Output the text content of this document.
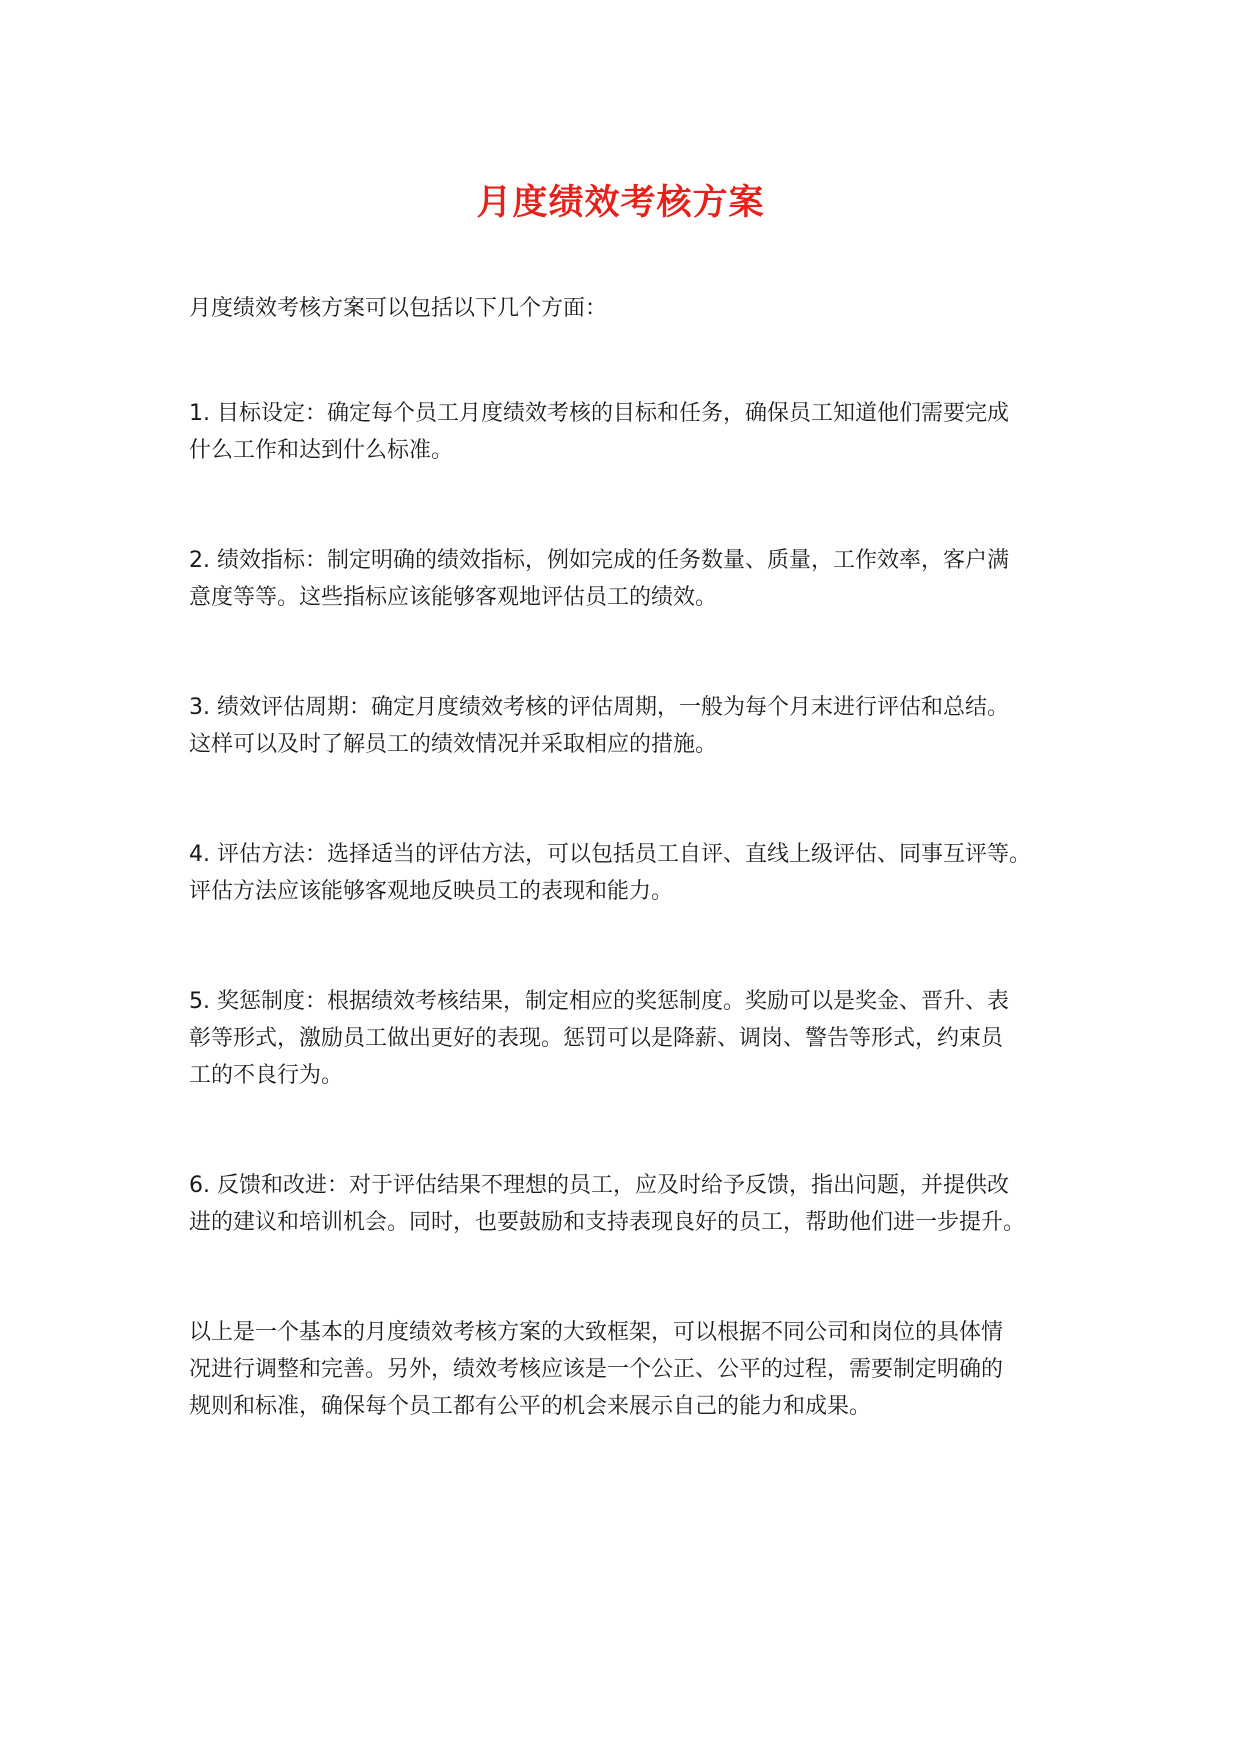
月度绩效考核方案

月度绩效考核方案可以包括以下几个方面：

1. 目标设定：确定每个员工月度绩效考核的目标和任务，确保员工知道他们需要完成
什么工作和达到什么标准。

2. 绩效指标：制定明确的绩效指标，例如完成的任务数量、质量，工作效率，客户满
意度等等。这些指标应该能够客观地评估员工的绩效。

3. 绩效评估周期：确定月度绩效考核的评估周期，一般为每个月末进行评估和总结。
这样可以及时了解员工的绩效情况并采取相应的措施。

4. 评估方法：选择适当的评估方法，可以包括员工自评、直线上级评估、同事互评等。
评估方法应该能够客观地反映员工的表现和能力。

5. 奖惩制度：根据绩效考核结果，制定相应的奖惩制度。奖励可以是奖金、晋升、表
彰等形式，激励员工做出更好的表现。惩罚可以是降薪、调岗、警告等形式，约束员
工的不良行为。

6. 反馈和改进：对于评估结果不理想的员工，应及时给予反馈，指出问题，并提供改
进的建议和培训机会。同时，也要鼓励和支持表现良好的员工，帮助他们进一步提升。

以上是一个基本的月度绩效考核方案的大致框架，可以根据不同公司和岗位的具体情
况进行调整和完善。另外，绩效考核应该是一个公正、公平的过程，需要制定明确的
规则和标准，确保每个员工都有公平的机会来展示自己的能力和成果。
